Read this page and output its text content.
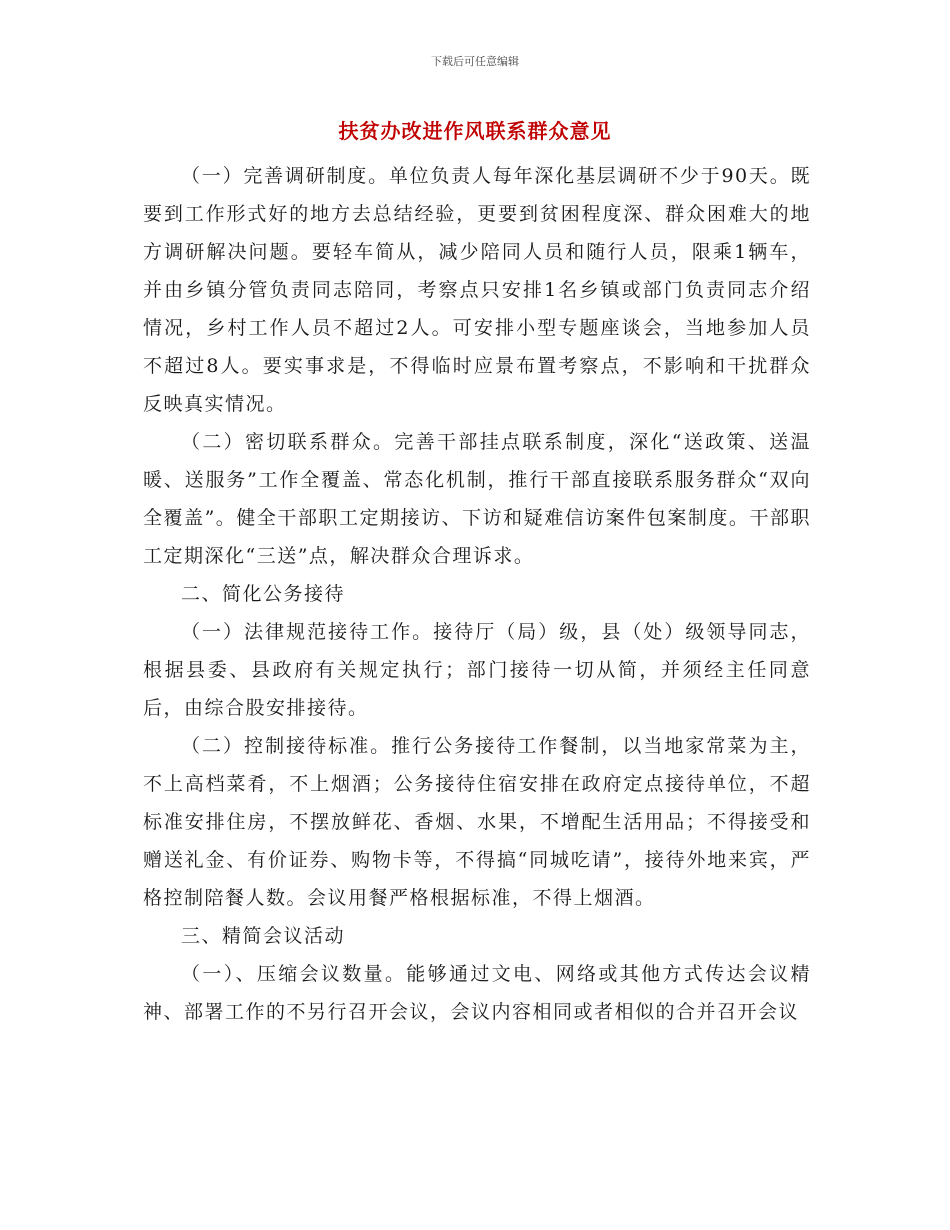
下载后可任意编辑
扶贫办改进作风联系群众意见

（一）完善调研制度。单位负责人每年深化基层调研不少于90天。既要到工作形式好的地方去总结经验，更要到贫困程度深、群众困难大的地方调研解决问题。要轻车简从，减少陪同人员和随行人员，限乘1辆车，并由乡镇分管负责同志陪同，考察点只安排1名乡镇或部门负责同志介绍情况，乡村工作人员不超过2人。可安排小型专题座谈会，当地参加人员不超过8人。要实事求是，不得临时应景布置考察点，不影响和干扰群众反映真实情况。

（二）密切联系群众。完善干部挂点联系制度，深化“送政策、送温暖、送服务”工作全覆盖、常态化机制，推行干部直接联系服务群众“双向全覆盖”。健全干部职工定期接访、下访和疑难信访案件包案制度。干部职工定期深化“三送”点，解决群众合理诉求。

二、简化公务接待

（一）法律规范接待工作。接待厅（局）级，县（处）级领导同志，根据县委、县政府有关规定执行；部门接待一切从简，并须经主任同意后，由综合股安排接待。

（二）控制接待标准。推行公务接待工作餐制，以当地家常菜为主，不上高档菜肴，不上烟酒；公务接待住宿安排在政府定点接待单位，不超标准安排住房，不摆放鲜花、香烟、水果，不增配生活用品；不得接受和赠送礼金、有价证券、购物卡等，不得搞“同城吃请”，接待外地来宾，严格控制陪餐人数。会议用餐严格根据标准，不得上烟酒。

三、精简会议活动

（一）、压缩会议数量。能够通过文电、网络或其他方式传达会议精神、部署工作的不另行召开会议，会议内容相同或者相似的合并召开会议
